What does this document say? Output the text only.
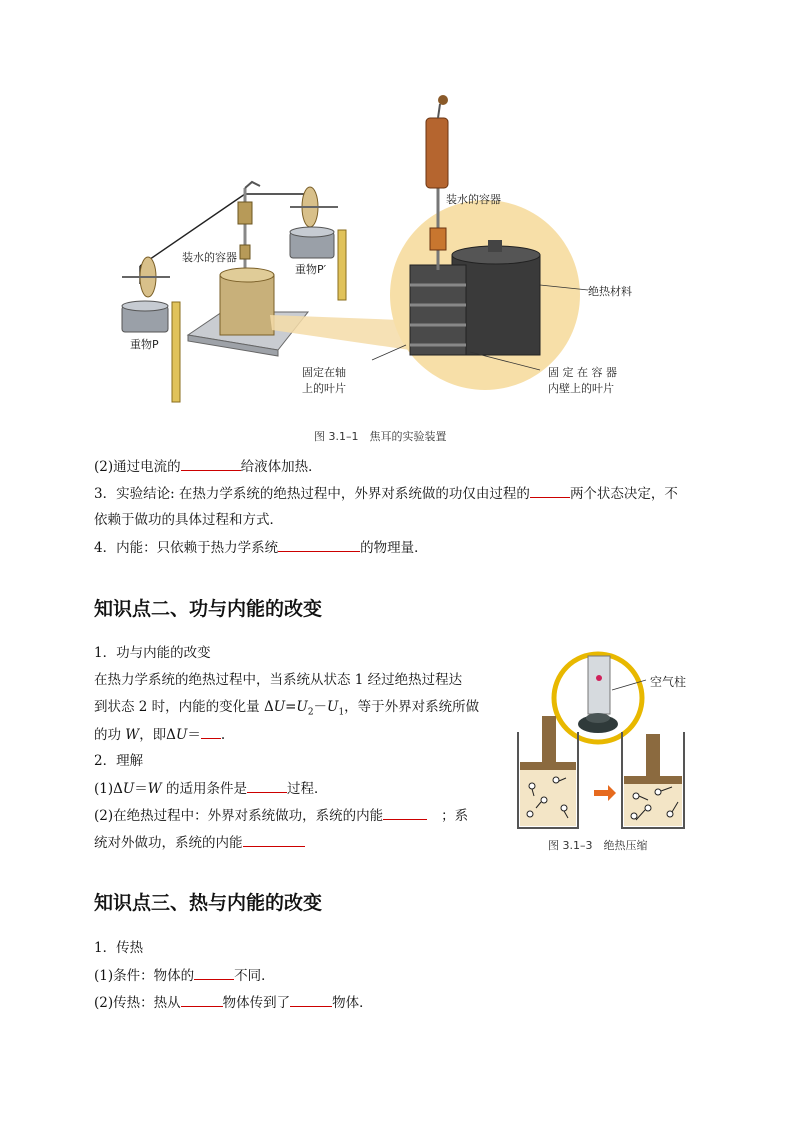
装水的容器
重物P′
重物P
装水的容器
绝热材料
固定在轴
上的叶片
固 定 在 容 器
内壁上的叶片
图 3.1–1　焦耳的实验装置
(2)通过电流的	给液体加热．
3．实验结论: 在热力学系统的绝热过程中，外界对系统做的功仅由过程的	两个状态决定，不
依赖于做功的具体过程和方式．
4．内能：只依赖于热力学系统	的物理量．
知识点二、功与内能的改变
1．功与内能的改变
在热力学系统的绝热过程中，当系统从状态 1 经过绝热过程达
到状态 2 时，内能的变化量 $\Delta U=U_2-U_1$，等于外界对系统所做
的功 W，即ΔU＝ .
2．理解
(1)ΔU＝W 的适用条件是	过程．
(2)在绝热过程中：外界对系统做功，系统的内能	；系
统对外做功，系统的内能
空气柱
图 3.1–3　绝热压缩
知识点三、热与内能的改变
1．传热
(1)条件：物体的	不同．
(2)传热：热从	物体传到了	物体．
